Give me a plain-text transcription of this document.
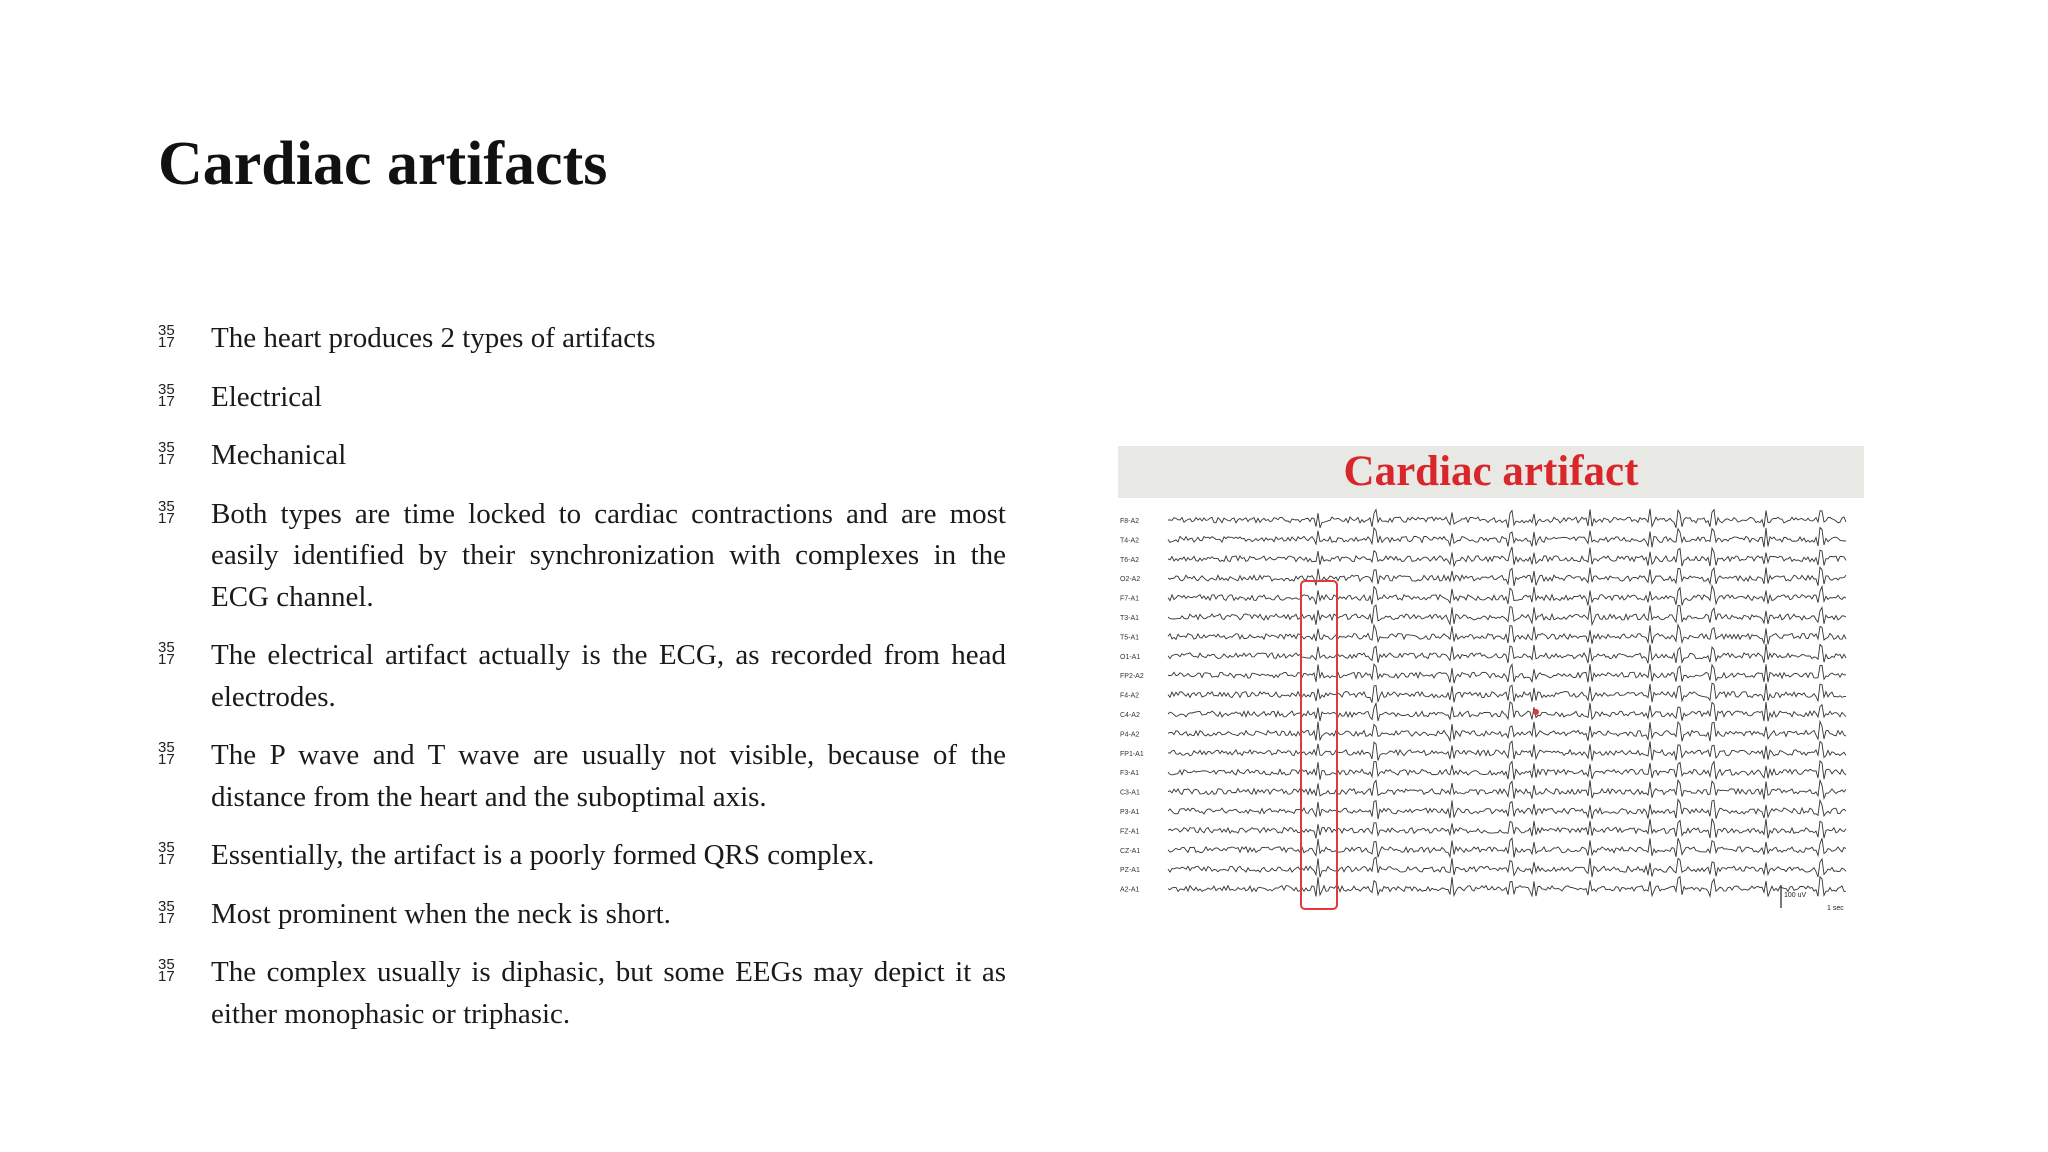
Cardiac artifacts
35
17 The heart produces 2 types of artifacts
35
17 Electrical
35
17 Mechanical
35
17 Both types are time locked to cardiac contractions and are most easily identified by their synchronization with complexes in the ECG channel.
35
17 The electrical artifact actually is the ECG, as recorded from head electrodes.
35
17 The P wave and T wave are usually not visible, because of the distance from the heart and the suboptimal axis.
35
17 Essentially, the artifact is a poorly formed QRS complex.
35
17 Most prominent when the neck is short.
35
17 The complex usually is diphasic, but some EEGs may depict it as either monophasic or triphasic.
Cardiac artifact
F8-A2
T4-A2
T6-A2
O2-A2
F7-A1
T3-A1
T5-A1
O1-A1
FP2-A2
F4-A2
C4-A2
P4-A2
FP1-A1
F3-A1
C3-A1
P3-A1
FZ-A1
CZ-A1
PZ-A1
A2-A1
100 uV
1 sec
